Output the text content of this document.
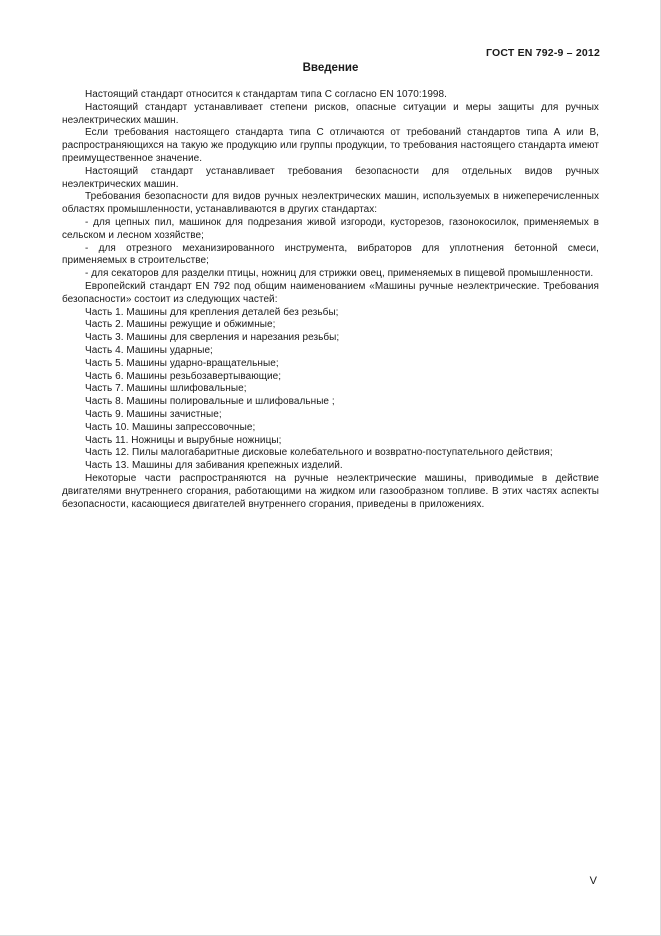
ГОСТ EN 792-9 – 2012
Введение

Настоящий стандарт относится к стандартам типа С согласно EN 1070:1998.

Настоящий стандарт устанавливает степени рисков, опасные ситуации и меры защиты для ручных неэлектрических машин.

Если требования настоящего стандарта типа С отличаются от требований стандартов типа А или В, распространяющихся на такую же продукцию или группы продукции, то требования настоящего стандарта имеют преимущественное значение.

Настоящий стандарт устанавливает требования безопасности для отдельных видов ручных неэлектрических машин.

Требования безопасности для видов ручных неэлектрических машин, используемых в нижеперечисленных областях промышленности, устанавливаются в других стандартах:

- для цепных пил, машинок для подрезания живой изгороди, кусторезов, газонокосилок, применяемых в сельском и лесном хозяйстве;

- для отрезного механизированного инструмента, вибраторов для уплотнения бетонной смеси, применяемых в строительстве;

- для секаторов для разделки птицы, ножниц для стрижки овец, применяемых в пищевой промышленности.

Европейский стандарт EN 792 под общим наименованием «Машины ручные неэлектрические. Требования безопасности» состоит из следующих частей:

Часть 1. Машины для крепления деталей без резьбы;

Часть 2. Машины режущие и обжимные;

Часть 3. Машины для сверления и нарезания резьбы;

Часть 4. Машины ударные;

Часть 5. Машины ударно-вращательные;

Часть 6. Машины резьбозавертывающие;

Часть 7. Машины шлифовальные;

Часть 8. Машины полировальные и шлифовальные ;

Часть 9. Машины зачистные;

Часть 10. Машины запрессовочные;

Часть 11. Ножницы и вырубные ножницы;

Часть 12. Пилы малогабаритные дисковые колебательного и возвратно-поступательного действия;

Часть 13. Машины для забивания крепежных изделий.

Некоторые части распространяются на ручные неэлектрические машины, приводимые в действие двигателями внутреннего сгорания, работающими на жидком или газообразном топливе. В этих частях аспекты безопасности, касающиеся двигателей внутреннего сгорания, приведены в приложениях.

V
